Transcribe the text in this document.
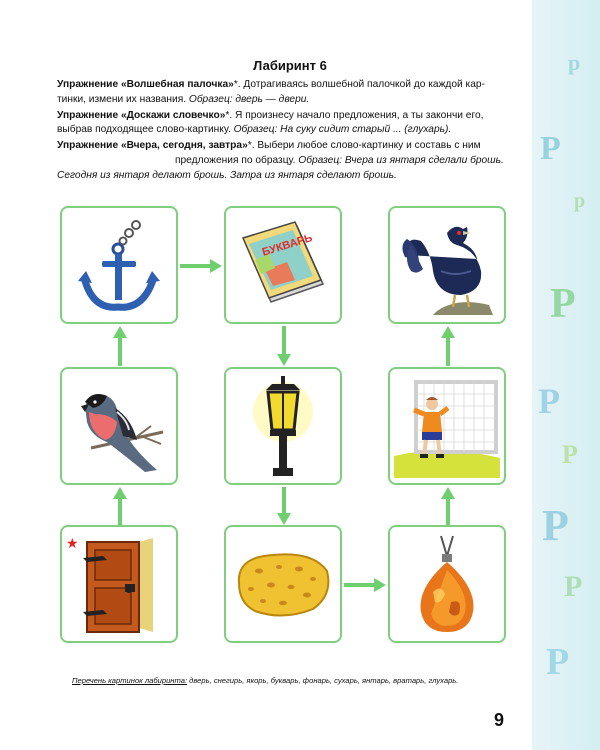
р
Р
р
Р
Р
Р
Р
Р
Р
Лабиринт 6
Упражнение «Волшебная палочка»*. Дотрагиваясь волшебной палочкой до каждой кар-
тинки, измени их названия. Образец: дверь — двери.
Упражнение «Доскажи словечко»*. Я произнесу начало предложения, а ты закончи его,
выбрав подходящее слово-картинку. Образец: На суку сидит старый ... (глухарь).
Упражнение «Вчера, сегодня, завтра»*. Выбери любое слово-картинку и составь с ним
предложения по образцу. Образец: Вчера из янтаря сделали брошь. Сегодня из янтаря делают брошь. Затра из янтаря сделают брошь.
БУКВАРЬ
★
Перечень картинок лабиринта: дверь, снегирь, якорь, букварь, фонарь, сухарь, янтарь, вратарь, глухарь.
9
